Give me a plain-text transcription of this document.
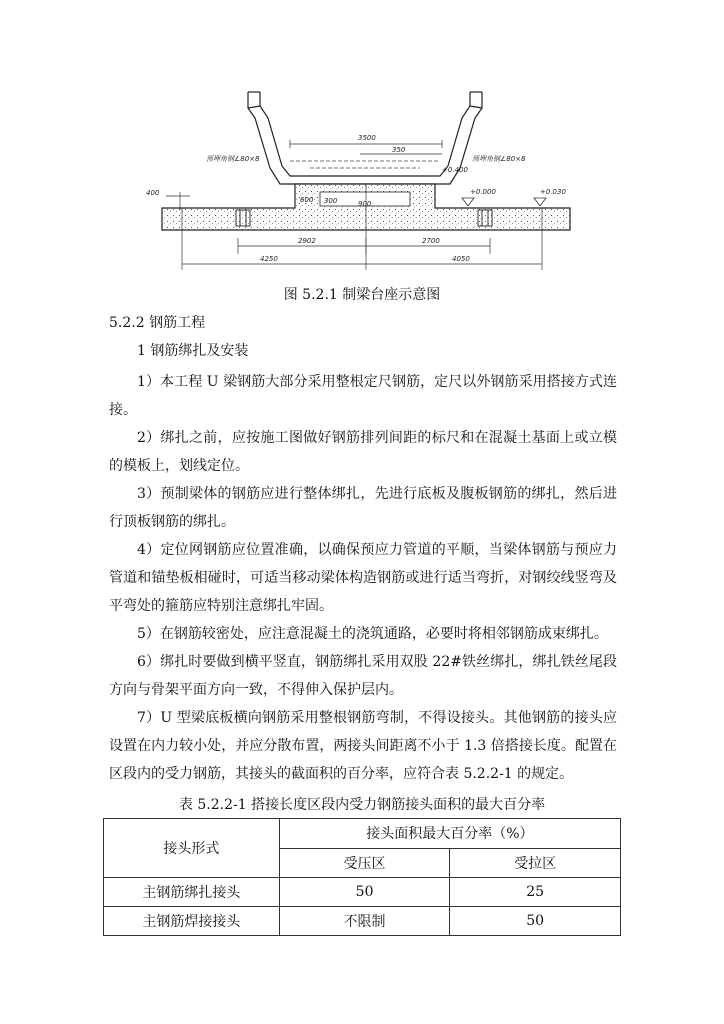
3500
350
预埋角钢∠80×8	预埋角钢∠80×8
+0.400
300
600	900
400	+0.000	+0.030
2902	2700
4250	4050
图 5.2.1 制梁台座示意图
5.2.2 钢筋工程
1 钢筋绑扎及安装

1）本工程 U 梁钢筋大部分采用整根定尺钢筋，定尺以外钢筋采用搭接方式连接。

2）绑扎之前，应按施工图做好钢筋排列间距的标尺和在混凝土基面上或立模的模板上，划线定位。

3）预制梁体的钢筋应进行整体绑扎，先进行底板及腹板钢筋的绑扎，然后进行顶板钢筋的绑扎。

4）定位网钢筋应位置准确，以确保预应力管道的平顺，当梁体钢筋与预应力管道和锚垫板相碰时，可适当移动梁体构造钢筋或进行适当弯折，对钢绞线竖弯及平弯处的箍筋应特别注意绑扎牢固。

5）在钢筋较密处，应注意混凝土的浇筑通路，必要时将相邻钢筋成束绑扎。

6）绑扎时要做到横平竖直，钢筋绑扎采用双股 22#铁丝绑扎，绑扎铁丝尾段方向与骨架平面方向一致，不得伸入保护层内。

7）U 型梁底板横向钢筋采用整根钢筋弯制，不得设接头。其他钢筋的接头应设置在内力较小处，并应分散布置，两接头间距离不小于 1.3 倍搭接长度。配置在区段内的受力钢筋，其接头的截面积的百分率，应符合表 5.2.2-1 的规定。

表 5.2.2-1 搭接长度区段内受力钢筋接头面积的最大百分率
接头形式	接头面积最大百分率（%）	
	受压区	受拉区
主钢筋绑扎接头	50	25
主钢筋焊接接头	不限制	50
